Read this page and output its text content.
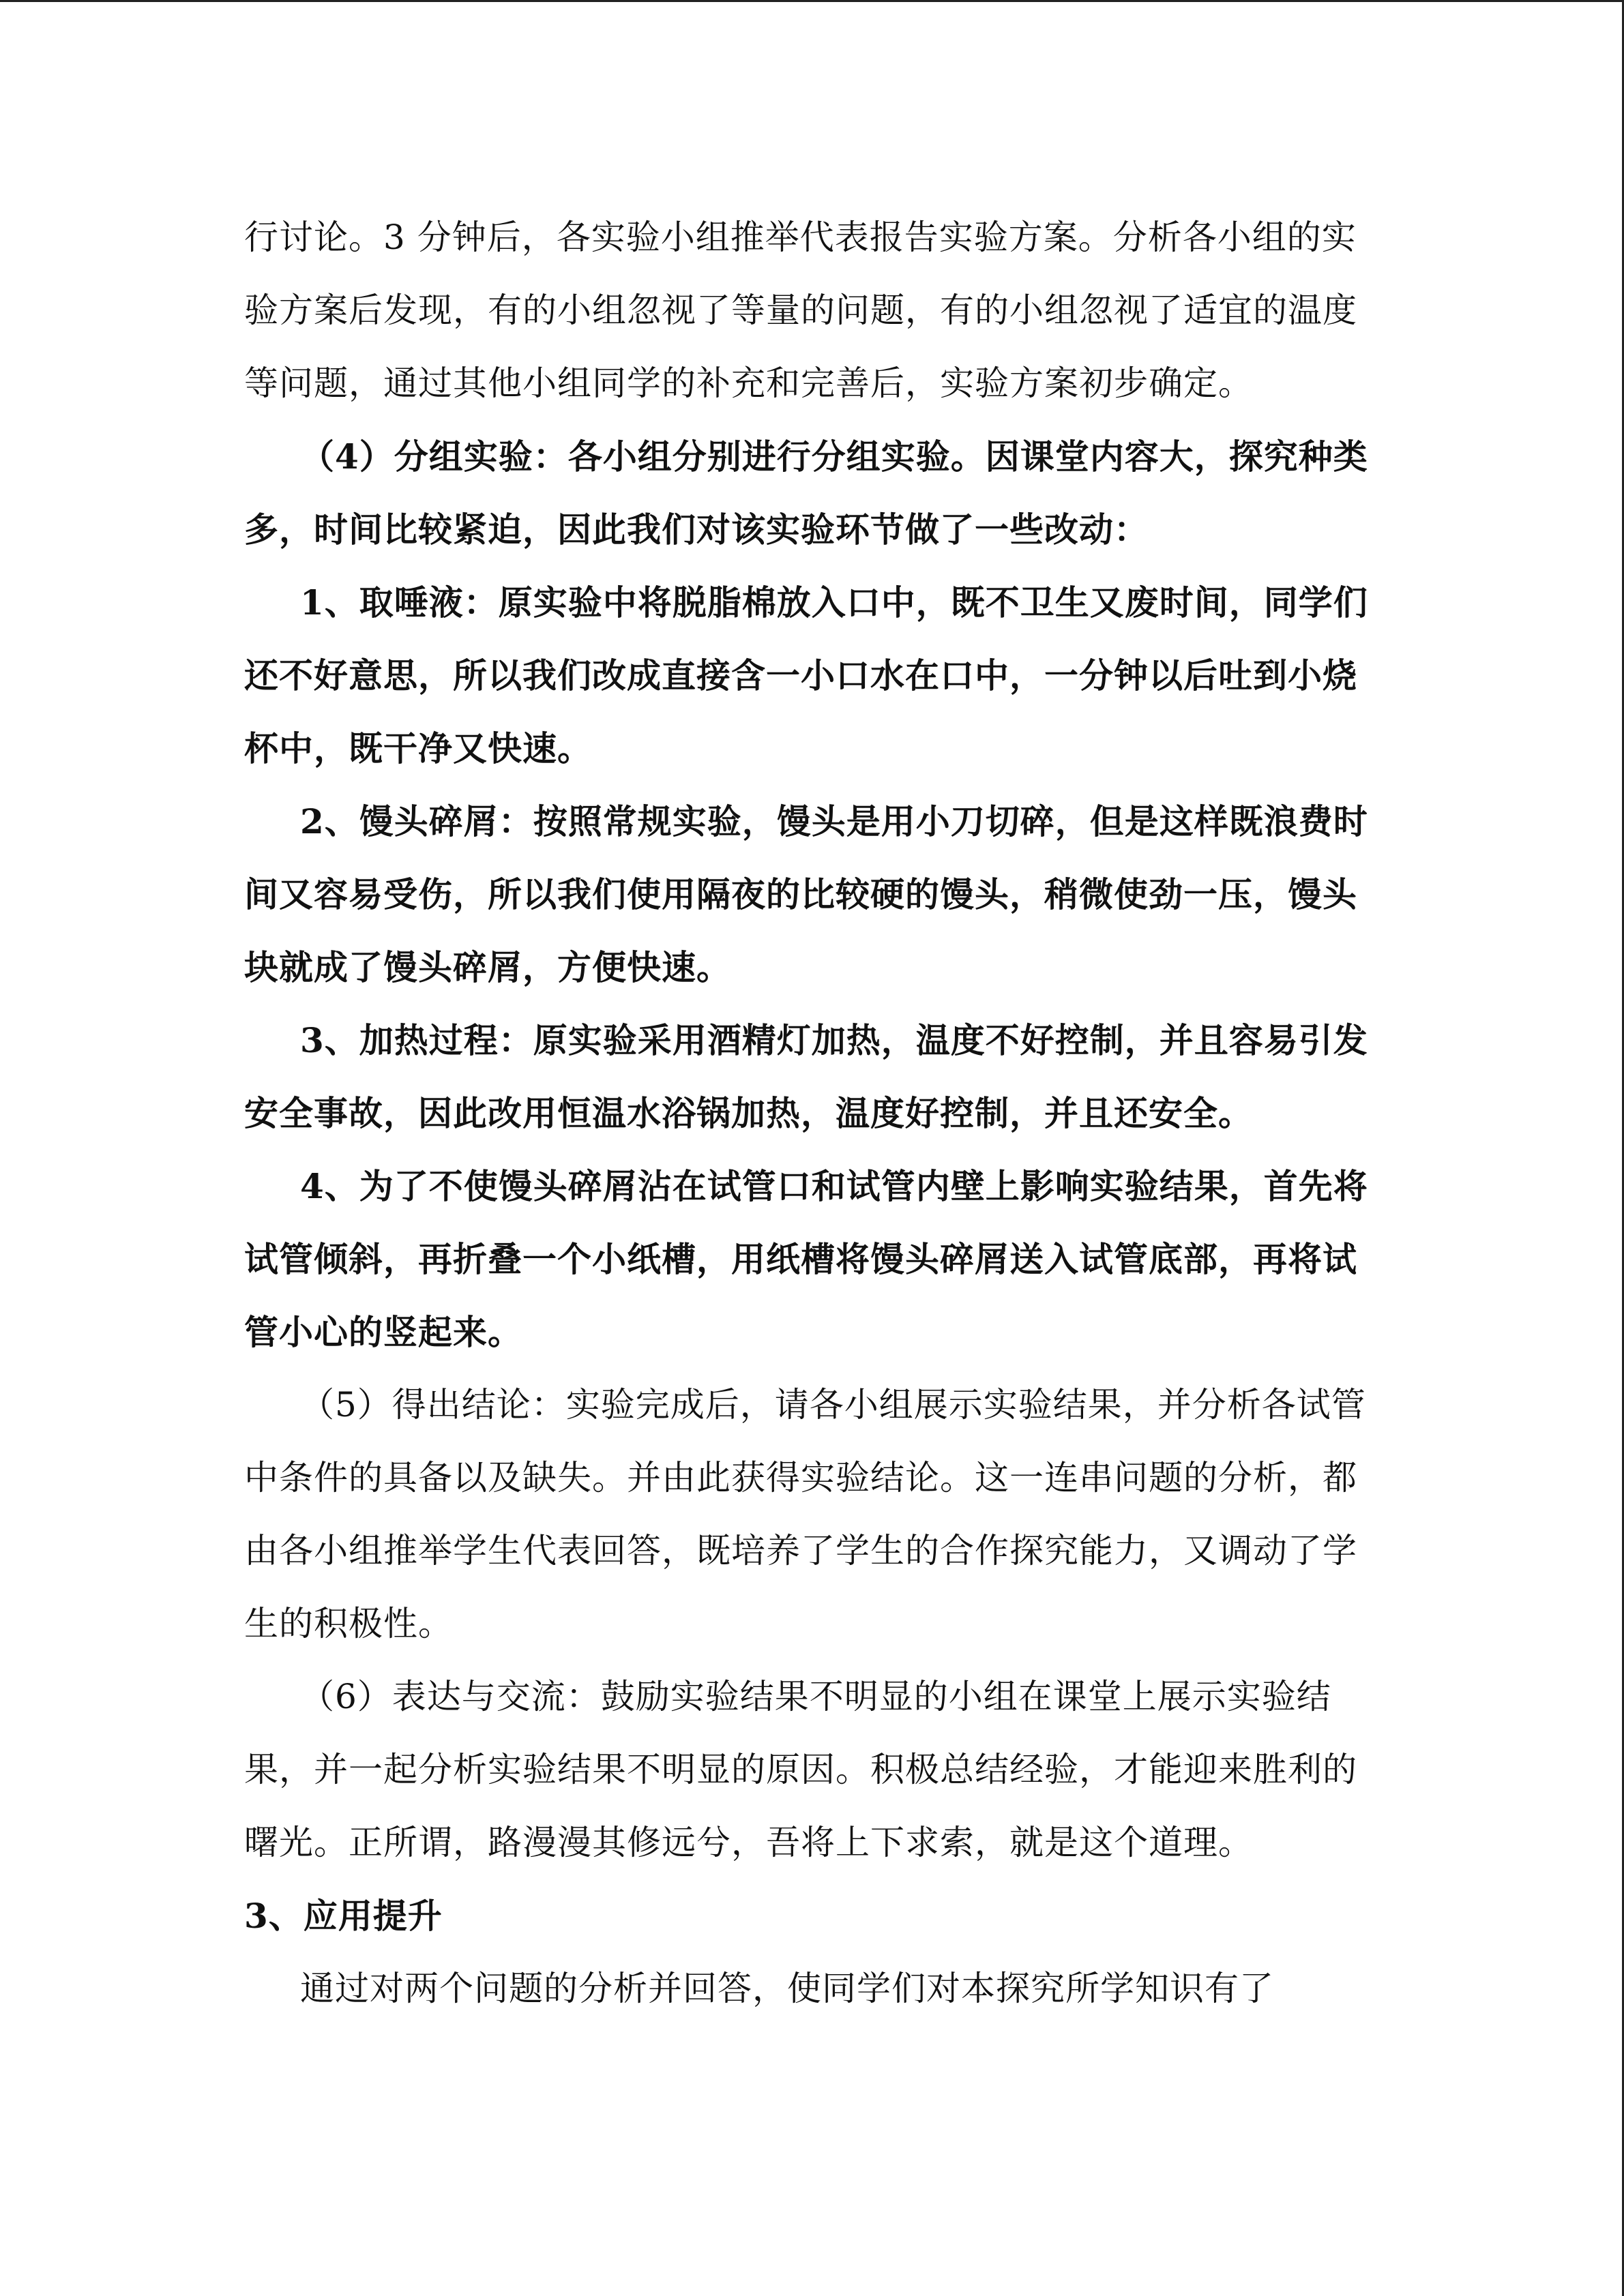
行讨论。3 分钟后，各实验小组推举代表报告实验方案。分析各小组的实验方案后发现，有的小组忽视了等量的问题，有的小组忽视了适宜的温度等问题，通过其他小组同学的补充和完善后，实验方案初步确定。

（4）分组实验：各小组分别进行分组实验。因课堂内容大，探究种类多，时间比较紧迫，因此我们对该实验环节做了一些改动：

1、取唾液：原实验中将脱脂棉放入口中，既不卫生又废时间，同学们还不好意思，所以我们改成直接含一小口水在口中，一分钟以后吐到小烧杯中，既干净又快速。

2、馒头碎屑：按照常规实验，馒头是用小刀切碎，但是这样既浪费时间又容易受伤，所以我们使用隔夜的比较硬的馒头，稍微使劲一压，馒头块就成了馒头碎屑，方便快速。

3、加热过程：原实验采用酒精灯加热，温度不好控制，并且容易引发安全事故，因此改用恒温水浴锅加热，温度好控制，并且还安全。

4、为了不使馒头碎屑沾在试管口和试管内壁上影响实验结果，首先将试管倾斜，再折叠一个小纸槽，用纸槽将馒头碎屑送入试管底部，再将试管小心的竖起来。

（5）得出结论：实验完成后，请各小组展示实验结果，并分析各试管中条件的具备以及缺失。并由此获得实验结论。这一连串问题的分析，都由各小组推举学生代表回答，既培养了学生的合作探究能力，又调动了学生的积极性。

（6）表达与交流：鼓励实验结果不明显的小组在课堂上展示实验结果，并一起分析实验结果不明显的原因。积极总结经验，才能迎来胜利的曙光。正所谓，路漫漫其修远兮，吾将上下求索，就是这个道理。

3、应用提升

通过对两个问题的分析并回答，使同学们对本探究所学知识有了
